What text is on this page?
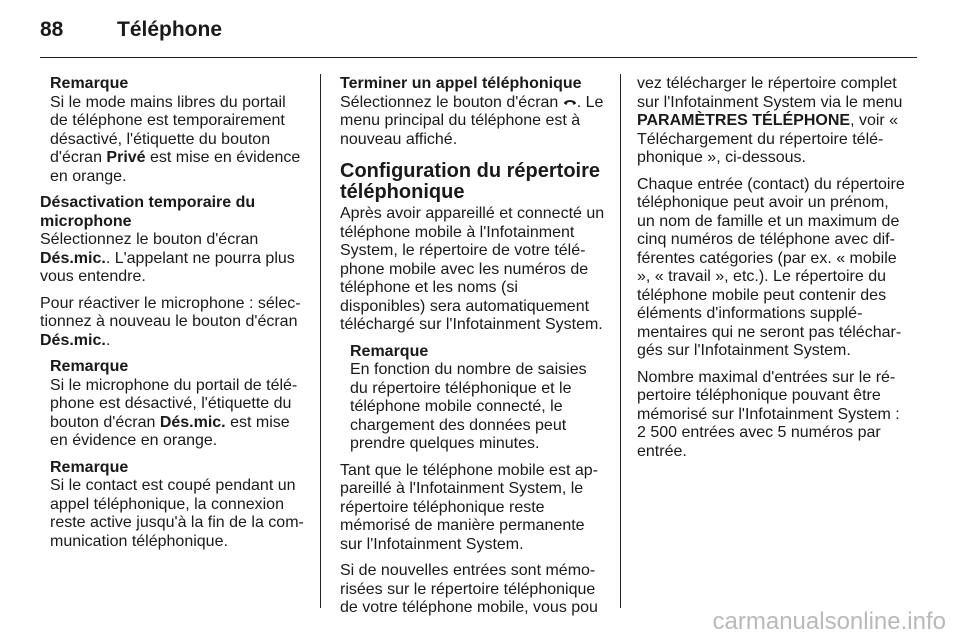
88	Téléphone
Remarque
Si le mode mains libres du portail de téléphone est temporairement désactivé, l'étiquette du bouton d'écran Privé est mise en évidence en orange.
Désactivation temporaire du microphone

Sélectionnez le bouton d'écran Dés.mic.. L'appelant ne pourra plus vous entendre.

Pour réactiver le microphone : sélectionnez à nouveau le bouton d'écran Dés.mic..

Remarque
Si le microphone du portail de téléphone est désactivé, l'étiquette du bouton d'écran Dés.mic. est mise en évidence en orange.
Remarque
Si le contact est coupé pendant un appel téléphonique, la connexion reste active jusqu'à la fin de la communication téléphonique.
Terminer un appel téléphonique

Sélectionnez le bouton d'écran . Le menu principal du téléphone est à nouveau affiché.

Configuration du répertoire téléphonique

Après avoir appareillé et connecté un téléphone mobile à l'Infotainment System, le répertoire de votre téléphone mobile avec les numéros de téléphone et les noms (si disponibles) sera automatiquement téléchargé sur l'Infotainment System.

Remarque
En fonction du nombre de saisies du répertoire téléphonique et le téléphone mobile connecté, le chargement des données peut prendre quelques minutes.

Tant que le téléphone mobile est appareillé à l'Infotainment System, le répertoire téléphonique reste mémorisé de manière permanente sur l'Infotainment System.

Si de nouvelles entrées sont mémorisées sur le répertoire téléphonique de votre téléphone mobile, vous pou

vez télécharger le répertoire complet sur l'Infotainment System via le menu PARAMÈTRES TÉLÉPHONE, voir « Téléchargement du répertoire téléphonique », ci-dessous.

Chaque entrée (contact) du répertoire téléphonique peut avoir un prénom, un nom de famille et un maximum de cinq numéros de téléphone avec différentes catégories (par ex. « mobile », « travail », etc.). Le répertoire du téléphone mobile peut contenir des éléments d'informations supplémentaires qui ne seront pas téléchargés sur l'Infotainment System.

Nombre maximal d'entrées sur le répertoire téléphonique pouvant être mémorisé sur l'Infotainment System : 2 500 entrées avec 5 numéros par entrée.

carmanualsonline.info
